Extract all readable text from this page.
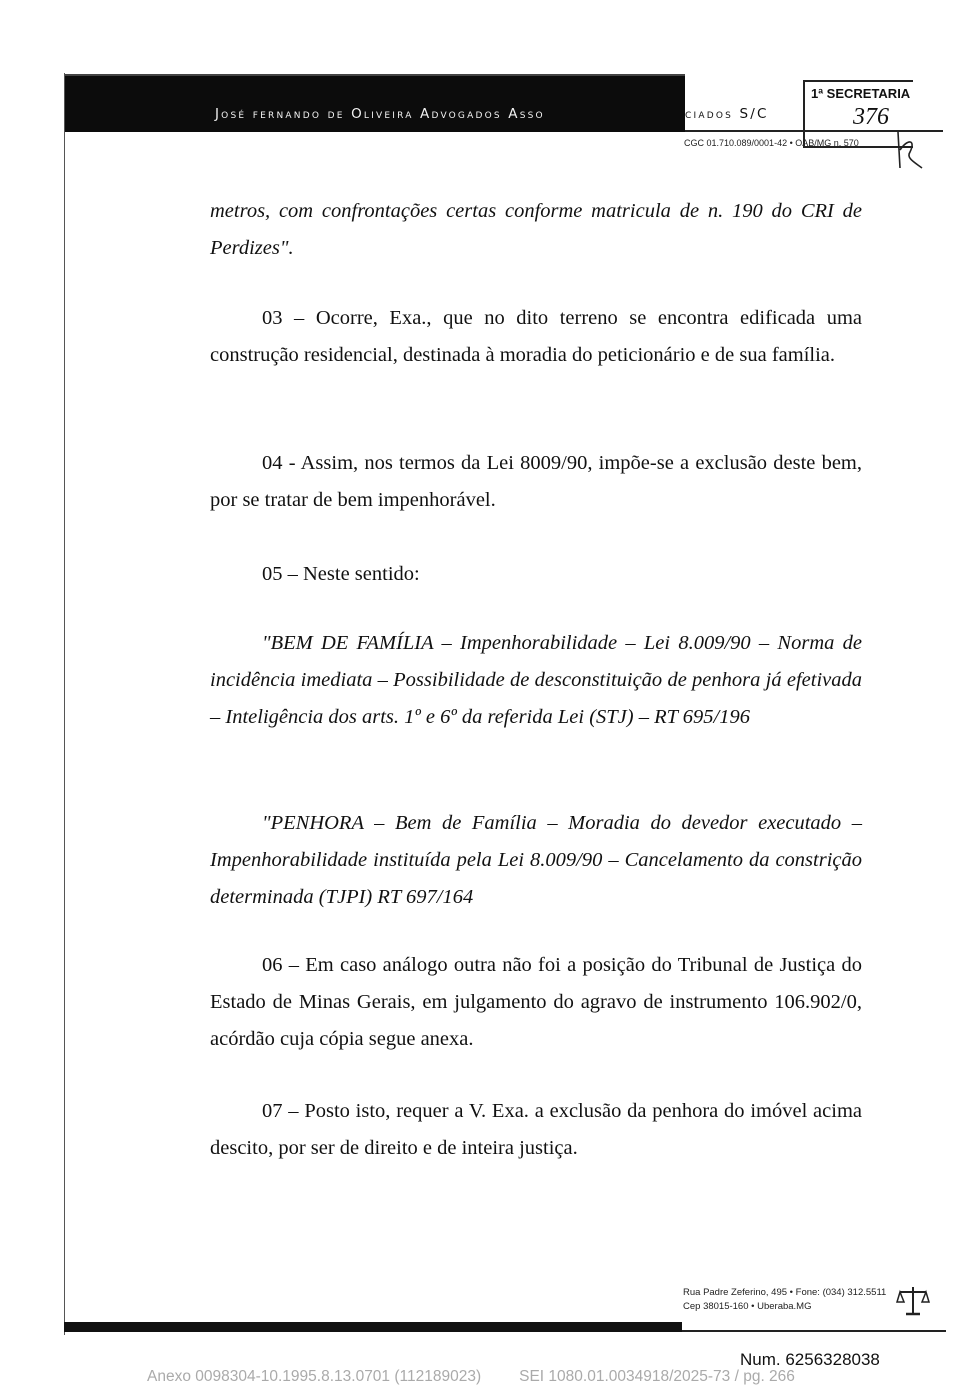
José fernando de Oliveira Advogados Asso	ciados S/C
CGC 01.710.089/0001-42 • OAB/MG n. 570
1ª SECRETARIA
376
metros, com confrontações certas conforme matricula de n. 190 do CRI de Perdizes".
03 – Ocorre, Exa., que no dito terreno se encontra edificada uma construção residencial, destinada à moradia do peticionário e de sua família.
04 - Assim, nos termos da Lei 8009/90, impõe-se a exclusão deste bem, por se tratar de bem impenhorável.
05 – Neste sentido:
"BEM DE FAMÍLIA – Impenhorabilidade – Lei 8.009/90 – Norma de incidência imediata – Possibilidade de desconstituição de penhora já efetivada – Inteligência dos arts. 1º e 6º da referida Lei (STJ) – RT 695/196
"PENHORA – Bem de Família – Moradia do devedor executado – Impenhorabilidade instituída pela Lei 8.009/90 – Cancelamento da constrição determinada (TJPI) RT 697/164
06 – Em caso análogo outra não foi a posição do Tribunal de Justiça do Estado de Minas Gerais, em julgamento do agravo de instrumento 106.902/0, acórdão cuja cópia segue anexa.
07 – Posto isto, requer a V. Exa. a exclusão da penhora do imóvel acima descito, por ser de direito e de inteira justiça.
Rua Padre Zeferino, 495 • Fone: (034) 312.5511
Cep 38015-160 • Uberaba.MG
Num. 6256328038
Anexo 0098304-10.1995.8.13.0701 (112189023) SEI 1080.01.0034918/2025-73 / pg. 266
